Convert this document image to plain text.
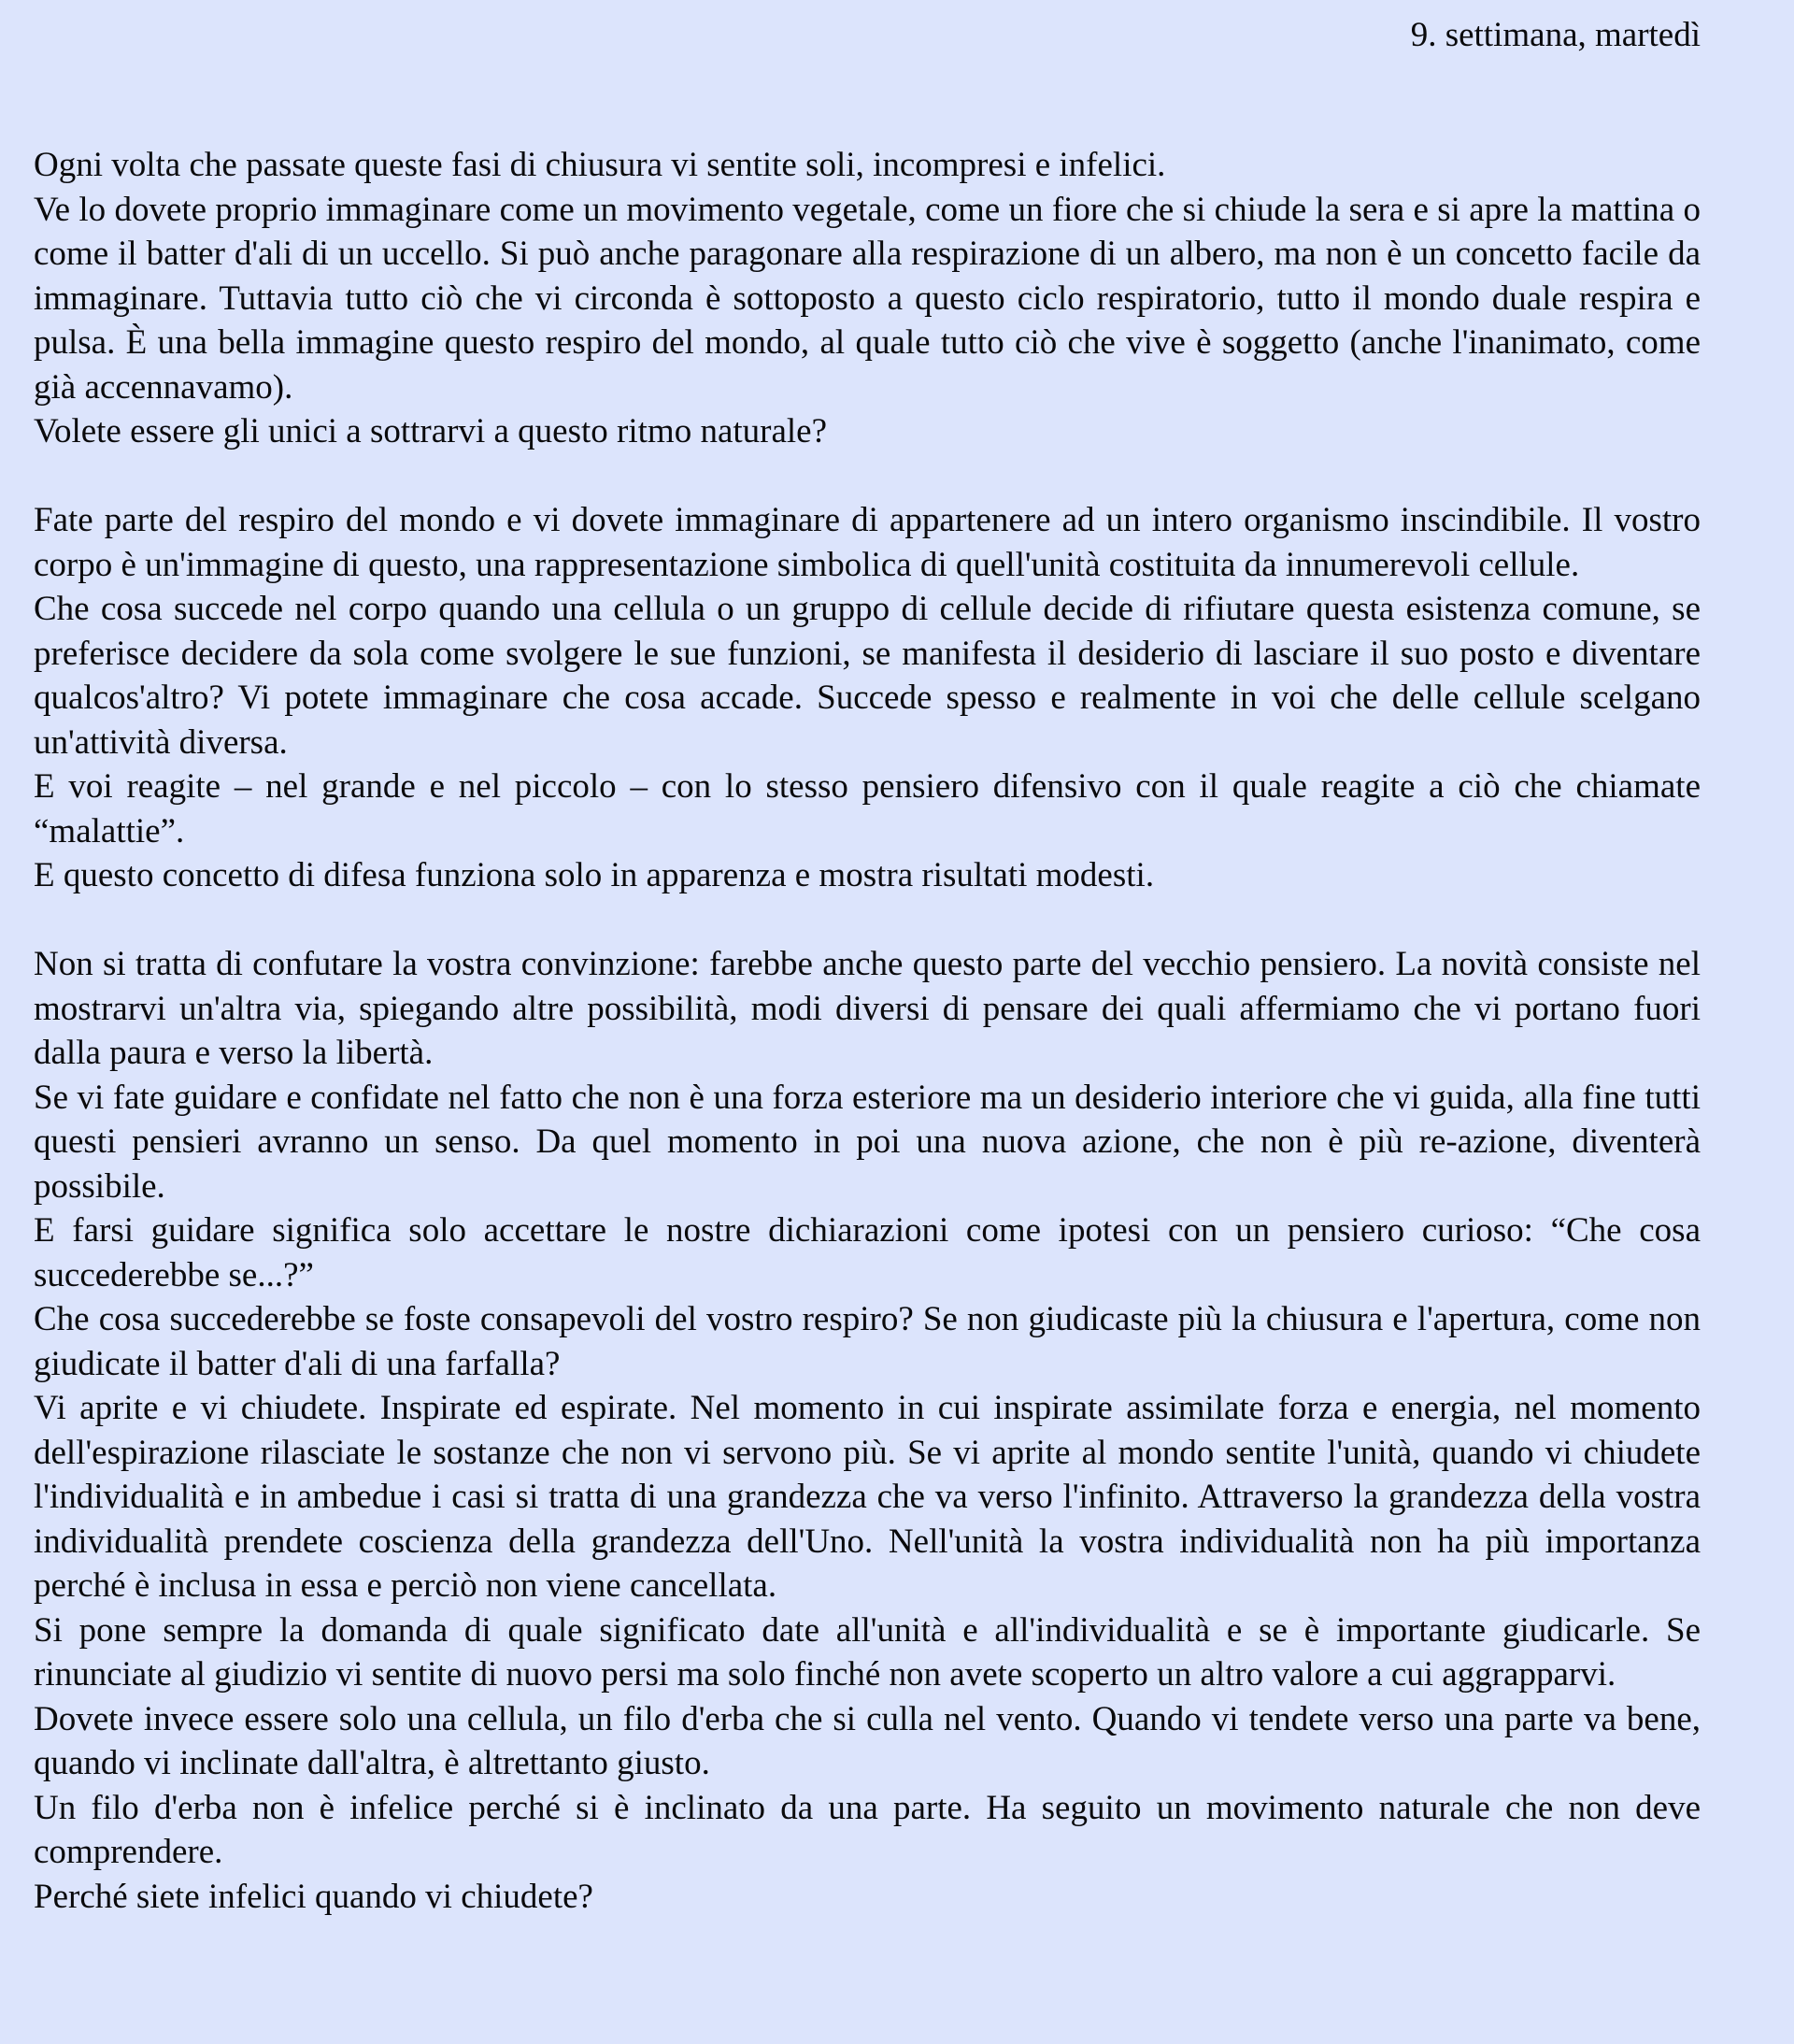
9. settimana, martedì

Ogni volta che passate queste fasi di chiusura vi sentite soli, incompresi e infelici.

Ve lo dovete proprio immaginare come un movimento vegetale, come un fiore che si chiude la sera e si apre la mattina o come il batter d'ali di un uccello. Si può anche paragonare alla respirazione di un albero, ma non è un concetto facile da immaginare. Tuttavia tutto ciò che vi circonda è sottoposto a questo ciclo respiratorio, tutto il mondo duale respira e pulsa. È una bella immagine questo respiro del mondo, al quale tutto ciò che vive è soggetto (anche l'inanimato, come già accennavamo).

Volete essere gli unici a sottrarvi a questo ritmo naturale?

Fate parte del respiro del mondo e vi dovete immaginare di appartenere ad un intero organismo inscindibile. Il vostro corpo è un'immagine di questo, una rappresentazione simbolica di quell'unità costituita da innumerevoli cellule.

Che cosa succede nel corpo quando una cellula o un gruppo di cellule decide di rifiutare questa esistenza comune, se preferisce decidere da sola come svolgere le sue funzioni, se manifesta il desiderio di lasciare il suo posto e diventare qualcos'altro? Vi potete immaginare che cosa accade. Succede spesso e realmente in voi che delle cellule scelgano un'attività diversa.

E voi reagite – nel grande e nel piccolo – con lo stesso pensiero difensivo con il quale reagite a ciò che chiamate “malattie”.

E questo concetto di difesa funziona solo in apparenza e mostra risultati modesti.

Non si tratta di confutare la vostra convinzione: farebbe anche questo parte del vecchio pensiero. La novità consiste nel mostrarvi un'altra via, spiegando altre possibilità, modi diversi di pensare dei quali affermiamo che vi portano fuori dalla paura e verso la libertà.

Se vi fate guidare e confidate nel fatto che non è una forza esteriore ma un desiderio interiore che vi guida, alla fine tutti questi pensieri avranno un senso. Da quel momento in poi una nuova azione, che non è più re-azione, diventerà possibile.

E farsi guidare significa solo accettare le nostre dichiarazioni come ipotesi con un pensiero curioso: “Che cosa succederebbe se...?”

Che cosa succederebbe se foste consapevoli del vostro respiro? Se non giudicaste più la chiusura e l'apertura, come non giudicate il batter d'ali di una farfalla?

Vi aprite e vi chiudete. Inspirate ed espirate. Nel momento in cui inspirate assimilate forza e energia, nel momento dell'espirazione rilasciate le sostanze che non vi servono più. Se vi aprite al mondo sentite l'unità, quando vi chiudete l'individualità e in ambedue i casi si tratta di una grandezza che va verso l'infinito. Attraverso la grandezza della vostra individualità prendete coscienza della grandezza dell'Uno. Nell'unità la vostra individualità non ha più importanza perché è inclusa in essa e perciò non viene cancellata.

Si pone sempre la domanda di quale significato date all'unità e all'individualità e se è importante giudicarle. Se rinunciate al giudizio vi sentite di nuovo persi ma solo finché non avete scoperto un altro valore a cui aggrapparvi.

Dovete invece essere solo una cellula, un filo d'erba che si culla nel vento. Quando vi tendete verso una parte va bene, quando vi inclinate dall'altra, è altrettanto giusto.

Un filo d'erba non è infelice perché si è inclinato da una parte. Ha seguito un movimento naturale che non deve comprendere.

Perché siete infelici quando vi chiudete?
